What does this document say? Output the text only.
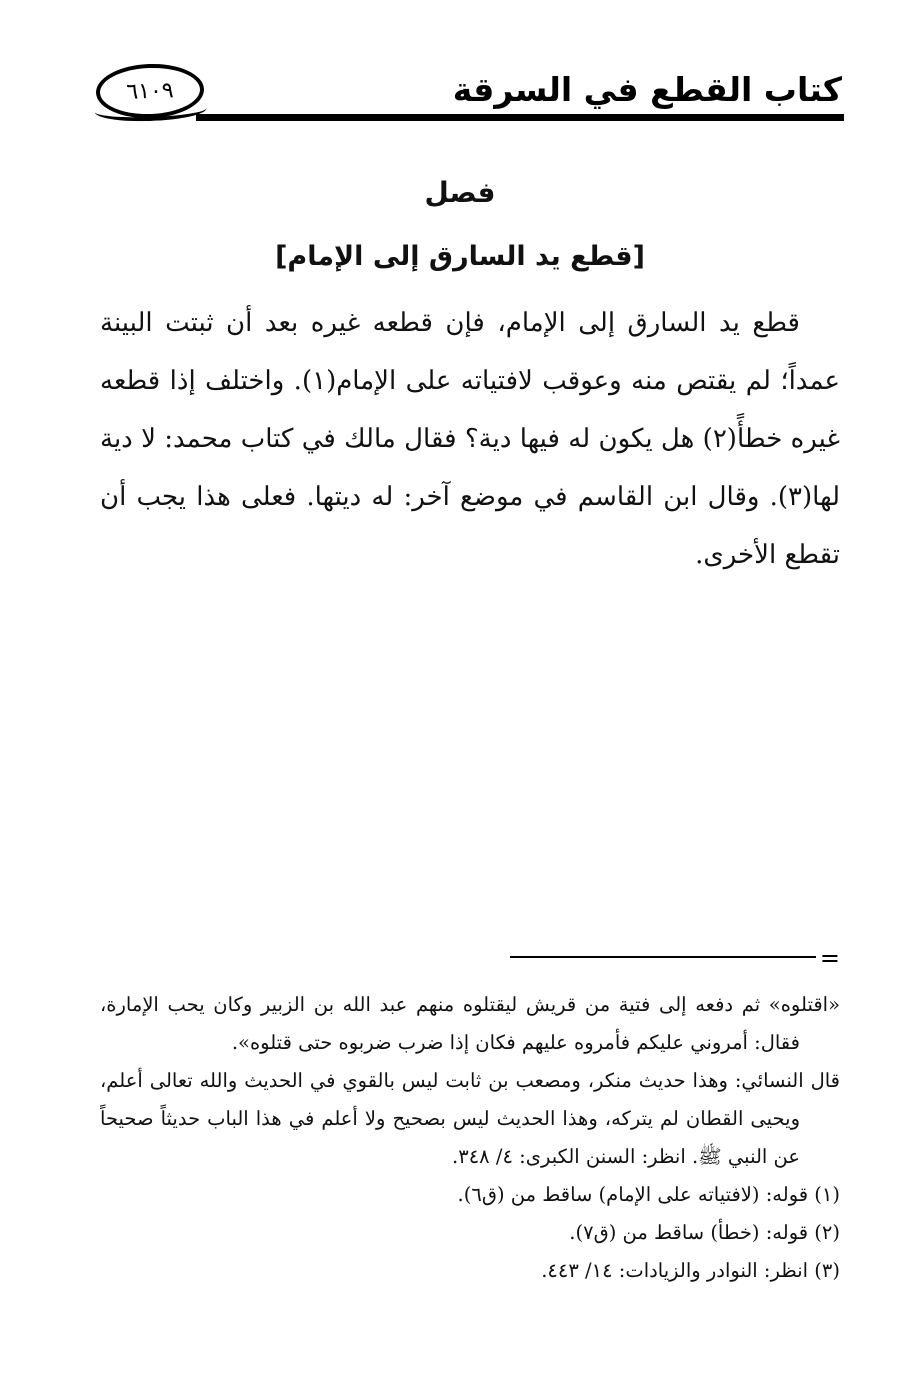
كتاب القطع في السرقة
٦١٠٩
فصل
[قطع يد السارق إلى الإمام]

قطع يد السارق إلى الإمام، فإن قطعه غيره بعد أن ثبتت البينة عمداً؛ لم يقتص منه وعوقب لافتياته على الإمام(١). واختلف إذا قطعه غيره خطأً(٢) هل يكون له فيها دية؟ فقال مالك في كتاب محمد: لا دية لها(٣). وقال ابن القاسم في موضع آخر: له ديتها. فعلى هذا يجب أن تقطع الأخرى.

=

«اقتلوه» ثم دفعه إلى فتية من قريش ليقتلوه منهم عبد الله بن الزبير وكان يحب الإمارة،

فقال: أمروني عليكم فأمروه عليهم فكان إذا ضرب ضربوه حتى قتلوه».

قال النسائي: وهذا حديث منكر، ومصعب بن ثابت ليس بالقوي في الحديث والله تعالى أعلم،

ويحيى القطان لم يتركه، وهذا الحديث ليس بصحيح ولا أعلم في هذا الباب حديثاً صحيحاً

عن النبي ﷺ. انظر: السنن الكبرى: ٤/ ٣٤٨.

(١) قوله: (لافتياته على الإمام) ساقط من (ق٦).

(٢) قوله: (خطأ) ساقط من (ق٧).

(٣) انظر: النوادر والزيادات: ١٤/ ٤٤٣.
